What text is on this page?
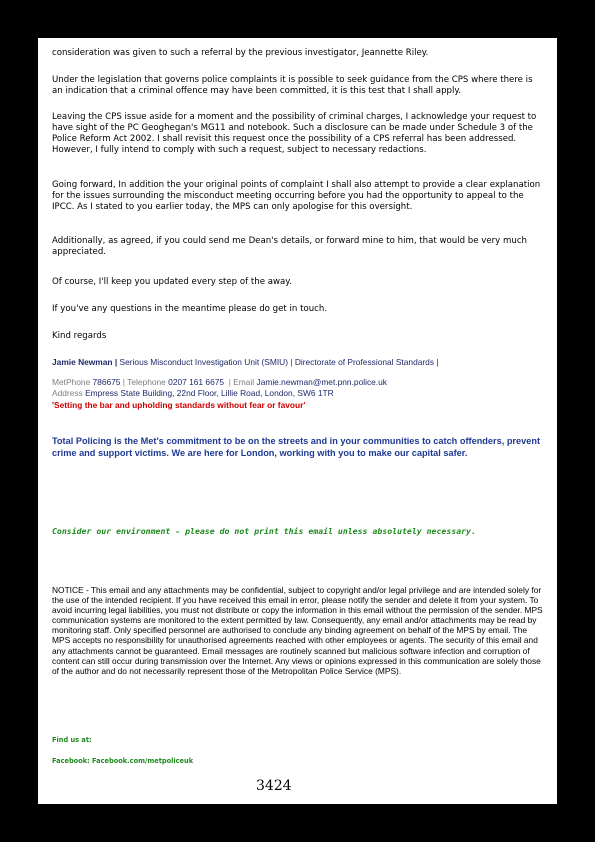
consideration was given to such a referral by the previous investigator, Jeannette Riley.

Under the legislation that governs police complaints it is possible to seek guidance from the CPS where there is an indication that a criminal offence may have been committed, it is this test that I shall apply.

Leaving the CPS issue aside for a moment and the possibility of criminal charges, I acknowledge your request to have sight of the PC Geoghegan's MG11 and notebook. Such a disclosure can be made under Schedule 3 of the Police Reform Act 2002. I shall revisit this request once the possibility of a CPS referral has been addressed. However, I fully intend to comply with such a request, subject to necessary redactions.

Going forward, In addition the your original points of complaint I shall also attempt to provide a clear explanation for the issues surrounding the misconduct meeting occurring before you had the opportunity to appeal to the IPCC. As I stated to you earlier today, the MPS can only apologise for this oversight.

Additionally, as agreed, if you could send me Dean's details, or forward mine to him, that would be very much appreciated.

Of course, I'll keep you updated every step of the away.

If you've any questions in the meantime please do get in touch.

Kind regards

Jamie Newman | Serious Misconduct Investigation Unit (SMIU) | Directorate of Professional Standards |

MetPhone 786675 | Telephone 0207 161 6675  | Email Jamie.newman@met.pnn.police.uk

Address Empress State Building, 22nd Floor, Lillie Road, London, SW6 1TR

'Setting the bar and upholding standards without fear or favour'

Total Policing is the Met's commitment to be on the streets and in your communities to catch offenders, prevent crime and support victims. We are here for London, working with you to make our capital safer.

Consider our environment - please do not print this email unless absolutely necessary.

NOTICE - This email and any attachments may be confidential, subject to copyright and/or legal privilege and are intended solely for the use of the intended recipient. If you have received this email in error, please notify the sender and delete it from your system. To avoid incurring legal liabilities, you must not distribute or copy the information in this email without the permission of the sender. MPS communication systems are monitored to the extent permitted by law. Consequently, any email and/or attachments may be read by monitoring staff. Only specified personnel are authorised to conclude any binding agreement on behalf of the MPS by email. The MPS accepts no responsibility for unauthorised agreements reached with other employees or agents. The security of this email and any attachments cannot be guaranteed. Email messages are routinely scanned but malicious software infection and corruption of content can still occur during transmission over the Internet. Any views or opinions expressed in this communication are solely those of the author and do not necessarily represent those of the Metropolitan Police Service (MPS).

Find us at:

Facebook: Facebook.com/metpoliceuk

3424
